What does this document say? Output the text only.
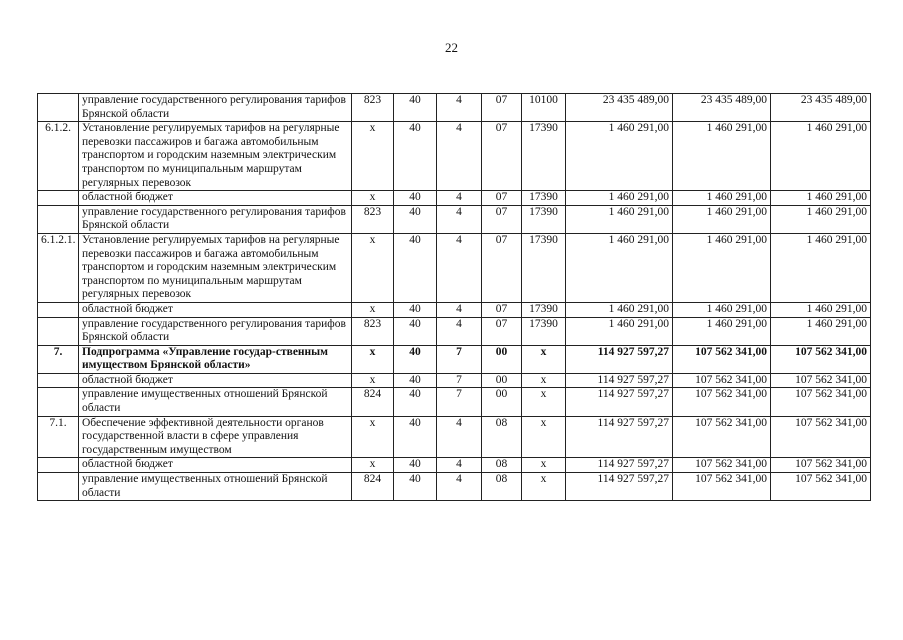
22
	управление государственного регулирования тарифов Брянской области	823	40	4	07	10100	23 435 489,00	23 435 489,00	23 435 489,00
6.1.2.	Установление регулируемых тарифов на регулярные перевозки пассажиров и багажа автомобильным транспортом и городским наземным электрическим транспортом по муниципальным маршрутам регулярных перевозок	х	40	4	07	17390	1 460 291,00	1 460 291,00	1 460 291,00
	областной бюджет	х	40	4	07	17390	1 460 291,00	1 460 291,00	1 460 291,00
	управление государственного регулирования тарифов Брянской области	823	40	4	07	17390	1 460 291,00	1 460 291,00	1 460 291,00
6.1.2.1.	Установление регулируемых тарифов на регулярные перевозки пассажиров и багажа автомобильным транспортом и городским наземным электрическим транспортом по муниципальным маршрутам регулярных перевозок	х	40	4	07	17390	1 460 291,00	1 460 291,00	1 460 291,00
	областной бюджет	х	40	4	07	17390	1 460 291,00	1 460 291,00	1 460 291,00
	управление государственного регулирования тарифов Брянской области	823	40	4	07	17390	1 460 291,00	1 460 291,00	1 460 291,00
7.	Подпрограмма «Управление государ-ственным имуществом Брянской области»	х	40	7	00	х	114 927 597,27	107 562 341,00	107 562 341,00
	областной бюджет	х	40	7	00	х	114 927 597,27	107 562 341,00	107 562 341,00
	управление имущественных отношений Брянской области	824	40	7	00	х	114 927 597,27	107 562 341,00	107 562 341,00
7.1.	Обеспечение эффективной деятельности органов государственной власти в сфере управления государственным имуществом	х	40	4	08	х	114 927 597,27	107 562 341,00	107 562 341,00
	областной бюджет	х	40	4	08	х	114 927 597,27	107 562 341,00	107 562 341,00
	управление имущественных отношений Брянской области	824	40	4	08	х	114 927 597,27	107 562 341,00	107 562 341,00
